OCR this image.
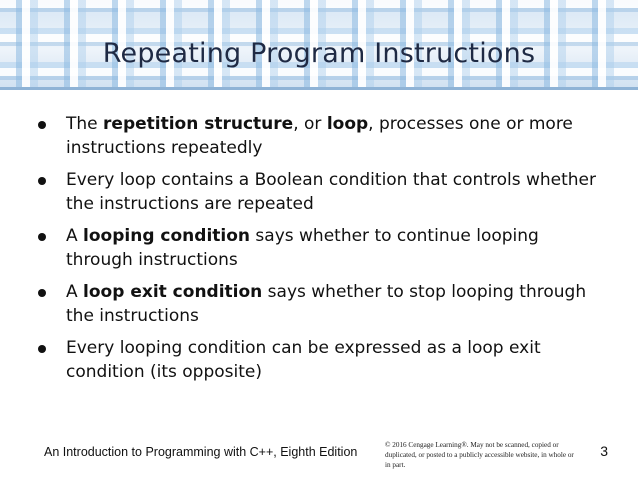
Repeating Program Instructions
The repetition structure, or loop, processes one or more instructions repeatedly
Every loop contains a Boolean condition that controls whether the instructions are repeated
A looping condition says whether to continue looping through instructions
A loop exit condition says whether to stop looping through the instructions
Every looping condition can be expressed as a loop exit condition (its opposite)
An Introduction to Programming with C++, Eighth Edition	© 2016 Cengage Learning®. May not be scanned, copied or duplicated, or posted to a publicly accessible website, in whole or in part.
3
